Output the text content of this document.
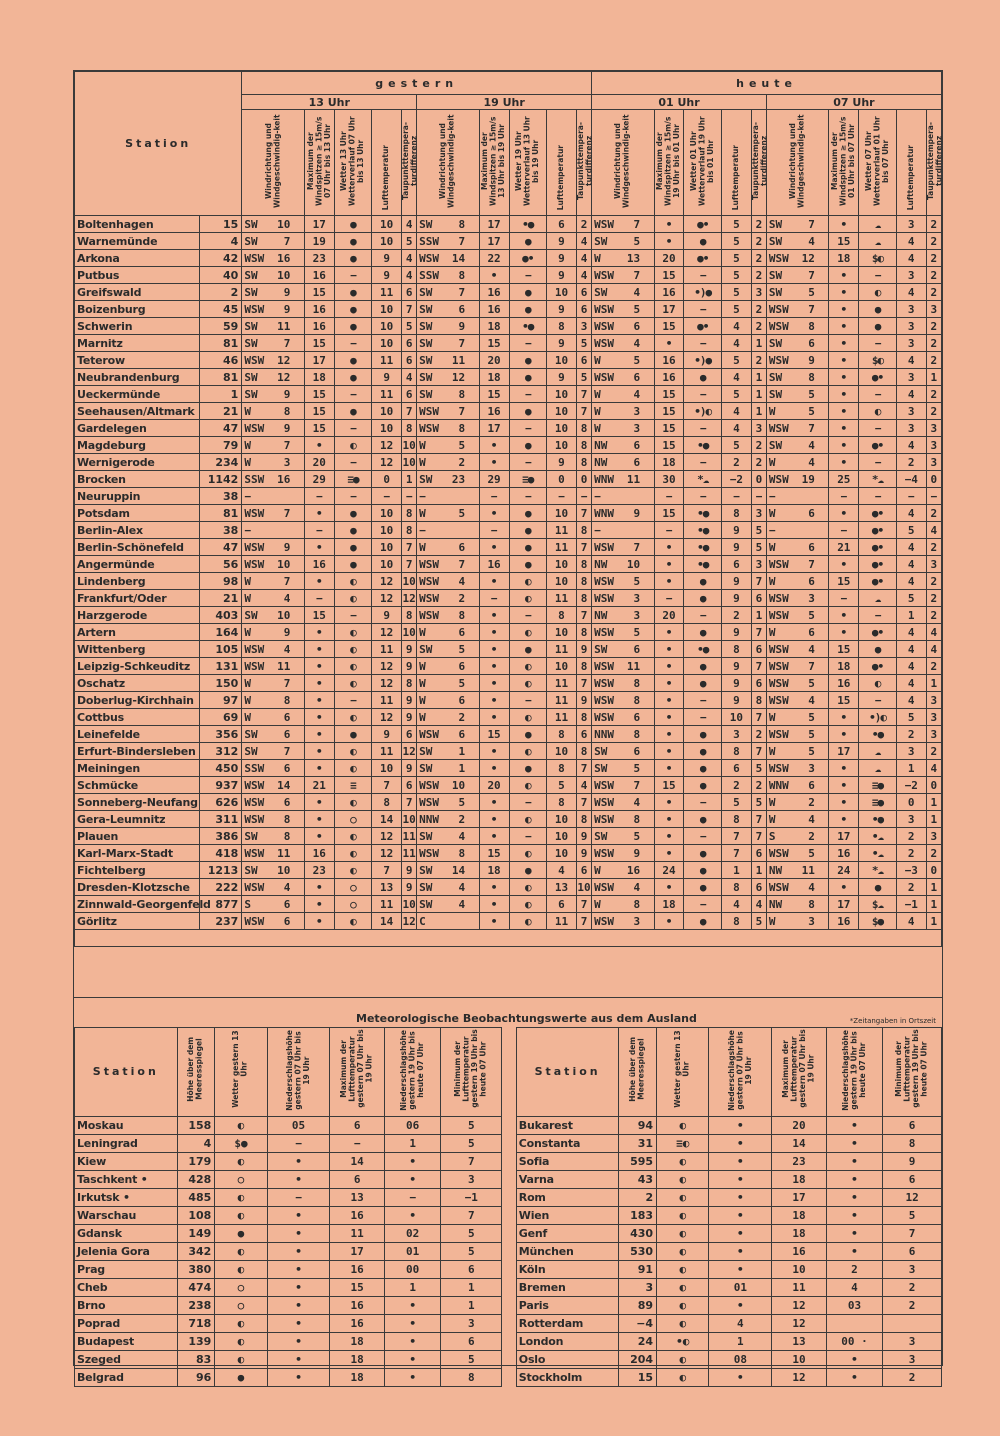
Station		gestern										heute									
		13 Uhr					19 Uhr					01 Uhr					07 Uhr				
		Windrichtung und Windgeschwindig-keit	Maximum der Windspitzen ≥ 15m/s 07 Uhr bis 13 Uhr	Wetter 13 Uhr Wetterverlauf 07 Uhr bis 13 Uhr	Lufttemperatur	Taupunkttempera-turdifferenz	Windrichtung und Windgeschwindig-keit	Maximum der Windspitzen ≥ 15m/s 13 Uhr bis 19 Uhr	Wetter 19 Uhr Wetterverlauf 13 Uhr bis 19 Uhr	Lufttemperatur	Taupunkttempera-turdifferenz	Windrichtung und Windgeschwindig-keit	Maximum der Windspitzen ≥ 15m/s 19 Uhr bis 01 Uhr	Wetter 01 Uhr Wetterverlauf 19 Uhr bis 01 Uhr	Lufttemperatur	Taupunkttempera-turdifferenz	Windrichtung und Windgeschwindig-keit	Maximum der Windspitzen ≥ 15m/s 01 Uhr bis 07 Uhr	Wetter 07 Uhr Wetterverlauf 01 Uhr bis 07 Uhr	Lufttemperatur	Taupunkttempera-turdifferenz
Boltenhagen	15	SW 10	17	●	10	4	SW 8	17	•●	6	2	WSW 7	•	●•	5	2	SW 7	•	☁	3	2
Warnemünde	4	SW 7	19	●	10	5	SSW 7	17	●	9	4	SW 5	•	●	5	2	SW 4	15	☁	4	2
Arkona	42	WSW 16	23	●	9	4	WSW 14	22	●•	9	4	W 13	20	●•	5	2	WSW 12	18	$◐	4	2
Putbus	40	SW 10	16	−	9	4	SSW 8	•	−	9	4	WSW 7	15	−	5	2	SW 7	•	−	3	2
Greifswald	2	SW 9	15	●	11	6	SW 7	16	●	10	6	SW 4	16	•)●	5	3	SW 5	•	◐	4	2
Boizenburg	45	WSW 9	16	●	10	7	SW 6	16	●	9	6	WSW 5	17	−	5	2	WSW 7	•	●	3	3
Schwerin	59	SW 11	16	●	10	5	SW 9	18	•●	8	3	WSW 6	15	●•	4	2	WSW 8	•	●	3	2
Marnitz	81	SW 7	15	−	10	6	SW 7	15	−	9	5	WSW 4	•	−	4	1	SW 6	•	−	3	2
Teterow	46	WSW 12	17	●	11	6	SW 11	20	●	10	6	W 5	16	•)●	5	2	WSW 9	•	$◐	4	2
Neubrandenburg	81	SW 12	18	●	9	4	SW 12	18	●	9	5	WSW 6	16	●	4	1	SW 8	•	●•	3	1
Ueckermünde	1	SW 9	15	−	11	6	SW 8	15	−	10	7	W 4	15	−	5	1	SW 5	•	−	4	2
Seehausen/Altmark	21	W 8	15	●	10	7	WSW 7	16	●	10	7	W 3	15	•)◐	4	1	W 5	•	◐	3	2
Gardelegen	47	WSW 9	15	−	10	8	WSW 8	17	−	10	8	W 3	15	−	4	3	WSW 7	•	−	3	3
Magdeburg	79	W 7	•	◐	12	10	W 5	•	●	10	8	NW 6	15	•●	5	2	SW 4	•	●•	4	3
Wernigerode	234	W 3	20	−	12	10	W 2	•	−	9	8	NW 6	18	−	2	2	W 4	•	−	2	3
Brocken	1142	SSW 16	29	≡●	0	1	SW 23	29	≡●	0	0	WNW 11	30	*☁	−2	0	WSW 19	25	*☁	−4	0
Neuruppin	38	−	−	−	−	−	−	−	−	−	−	−	−	−	−	−	−	−	−	−	−
Potsdam	81	WSW 7	•	●	10	8	W 5	•	●	10	7	WNW 9	15	•●	8	3	W 6	•	●•	4	2
Berlin-Alex	38	−	−	●	10	8	−	−	●	11	8	−	−	•●	9	5	−	−	●•	5	4
Berlin-Schönefeld	47	WSW 9	•	●	10	7	W 6	•	●	11	7	WSW 7	•	•●	9	5	W 6	21	●•	4	2
Angermünde	56	WSW 10	16	●	10	7	WSW 7	16	●	10	8	NW 10	•	•●	6	3	WSW 7	•	●•	4	3
Lindenberg	98	W 7	•	◐	12	10	WSW 4	•	◐	10	8	WSW 5	•	●	9	7	W 6	15	●•	4	2
Frankfurt/Oder	21	W 4	−	◐	12	12	WSW 2	−	◐	11	8	WSW 3	−	●	9	6	WSW 3	−	☁	5	2
Harzgerode	403	SW 10	15	−	9	8	WSW 8	•	−	8	7	NW 3	20	−	2	1	WSW 5	•	−	1	2
Artern	164	W 9	•	◐	12	10	W 6	•	◐	10	8	WSW 5	•	●	9	7	W 6	•	●•	4	4
Wittenberg	105	WSW 4	•	◐	11	9	SW 5	•	●	11	9	SW 6	•	•●	8	6	WSW 4	15	●	4	4
Leipzig-Schkeuditz	131	WSW 11	•	◐	12	9	W 6	•	◐	10	8	WSW 11	•	●	9	7	WSW 7	18	●•	4	2
Oschatz	150	W 7	•	◐	12	8	W 5	•	◐	11	7	WSW 8	•	●	9	6	WSW 5	16	◐	4	1
Doberlug-Kirchhain	97	W 8	•	−	11	9	W 6	•	−	11	9	WSW 8	•	−	9	8	WSW 4	15	−	4	3
Cottbus	69	W 6	•	◐	12	9	W 2	•	◐	11	8	WSW 6	•	−	10	7	W 5	•	•)◐	5	3
Leinefelde	356	SW 6	•	●	9	6	WSW 6	15	●	8	6	NNW 8	•	●	3	2	WSW 5	•	•●	2	3
Erfurt-Bindersleben	312	SW 7	•	◐	11	12	SW 1	•	◐	10	8	SW 6	•	●	8	7	W 5	17	☁	3	2
Meiningen	450	SSW 6	•	◐	10	9	SW 1	•	●	8	7	SW 5	•	●	6	5	WSW 3	•	☁	1	4
Schmücke	937	WSW 14	21	≡	7	6	WSW 10	20	◐	5	4	WSW 7	15	●	2	2	WNW 6	•	≡●	−2	0
Sonneberg-Neufang	626	WSW 6	•	◐	8	7	WSW 5	•	−	8	7	WSW 4	•	−	5	5	W 2	•	≡●	0	1
Gera-Leumnitz	311	WSW 8	•	○	14	10	NNW 2	•	◐	10	8	WSW 8	•	●	8	7	W 4	•	•●	3	1
Plauen	386	SW 8	•	◐	12	11	SW 4	•	−	10	9	SW 5	•	−	7	7	S 2	17	•☁	2	3
Karl-Marx-Stadt	418	WSW 11	16	◐	12	11	WSW 8	15	◐	10	9	WSW 9	•	●	7	6	WSW 5	16	•☁	2	2
Fichtelberg	1213	SW 10	23	◐	7	9	SW 14	18	●	4	6	W 16	24	●	1	1	NW 11	24	*☁	−3	0
Dresden-Klotzsche	222	WSW 4	•	○	13	9	SW 4	•	◐	13	10	WSW 4	•	●	8	6	WSW 4	•	●	2	1
Zinnwald-Georgenfeld	877	S 6	•	○	11	10	SW 4	•	◐	6	7	W 8	18	−	4	4	NW 8	17	$☁	−1	1
Görlitz	237	WSW 6	•	◐	14	12	C	•	◐	11	7	WSW 3	•	●	8	5	W 3	16	$●	4	1

Meteorologische Beobachtungswerte aus dem Ausland	*Zeitangaben in Ortszeit
Station	Höhe über dem Meeresspiegel	Wetter gestern 13 Uhr	Niederschlagshöhe gestern 07 Uhr bis 19 Uhr	Maximum der Lufttemperatur gestern 07 Uhr bis 19 Uhr	Niederschlagshöhe gestern 19 Uhr bis heute 07 Uhr	Minimum der Lufttemperatur gestern 19 Uhr bis heute 07 Uhr		Station	Höhe über dem Meeresspiegel	Wetter gestern 13 Uhr	Niederschlagshöhe gestern 07 Uhr bis 19 Uhr	Maximum der Lufttemperatur gestern 07 Uhr bis 19 Uhr	Niederschlagshöhe gestern 19 Uhr bis heute 07 Uhr	Minimum der Lufttemperatur gestern 19 Uhr bis heute 07 Uhr
Moskau	158	◐	05	6	06	5		Bukarest	94	◐	•	20	•	6
Leningrad	4	$●	−	−	1	5		Constanta	31	≡◐	•	14	•	8
Kiew	179	◐	•	14	•	7		Sofia	595	◐	•	23	•	9
Taschkent •	428	○	•	6	•	3		Varna	43	◐	•	18	•	6
Irkutsk •	485	◐	−	13	−	−1		Rom	2	◐	•	17	•	12
Warschau	108	◐	•	16	•	7		Wien	183	◐	•	18	•	5
Gdansk	149	●	•	11	02	5		Genf	430	◐	•	18	•	7
Jelenia Gora	342	◐	•	17	01	5		München	530	◐	•	16	•	6
Prag	380	◐	•	16	00	6		Köln	91	◐	•	10	2	3
Cheb	474	○	•	15	1	1		Bremen	3	◐	01	11	4	2
Brno	238	○	•	16	•	1		Paris	89	◐	•	12	03	2
Poprad	718	◐	•	16	•	3		Rotterdam	−4	◐	4	12		
Budapest	139	◐	•	18	•	6		London	24	•◐	1	13	00 ·	3
Szeged	83	◐	•	18	•	5		Oslo	204	◐	08	10	•	3
Belgrad	96	●	•	18	•	8		Stockholm	15	◐	•	12	•	2
